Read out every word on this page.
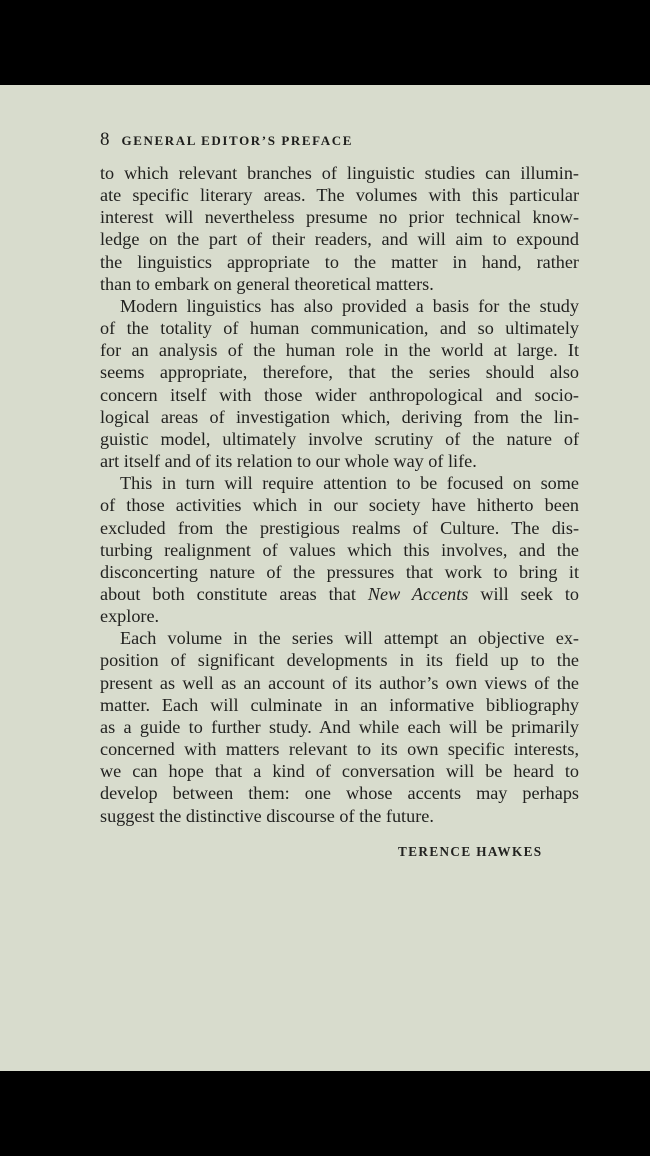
8 GENERAL EDITOR’S PREFACE
to which relevant branches of linguistic studies can illumin-
ate specific literary areas. The volumes with this particular
interest will nevertheless presume no prior technical know-
ledge on the part of their readers, and will aim to expound
the linguistics appropriate to the matter in hand, rather
than to embark on general theoretical matters.
Modern linguistics has also provided a basis for the study
of the totality of human communication, and so ultimately
for an analysis of the human role in the world at large. It
seems appropriate, therefore, that the series should also
concern itself with those wider anthropological and socio-
logical areas of investigation which, deriving from the lin-
guistic model, ultimately involve scrutiny of the nature of
art itself and of its relation to our whole way of life.
This in turn will require attention to be focused on some
of those activities which in our society have hitherto been
excluded from the prestigious realms of Culture. The dis-
turbing realignment of values which this involves, and the
disconcerting nature of the pressures that work to bring it
about both constitute areas that New Accents will seek to
explore.
Each volume in the series will attempt an objective ex-
position of significant developments in its field up to the
present as well as an account of its author’s own views of the
matter. Each will culminate in an informative bibliography
as a guide to further study. And while each will be primarily
concerned with matters relevant to its own specific interests,
we can hope that a kind of conversation will be heard to
develop between them: one whose accents may perhaps
suggest the distinctive discourse of the future.
TERENCE HAWKES
